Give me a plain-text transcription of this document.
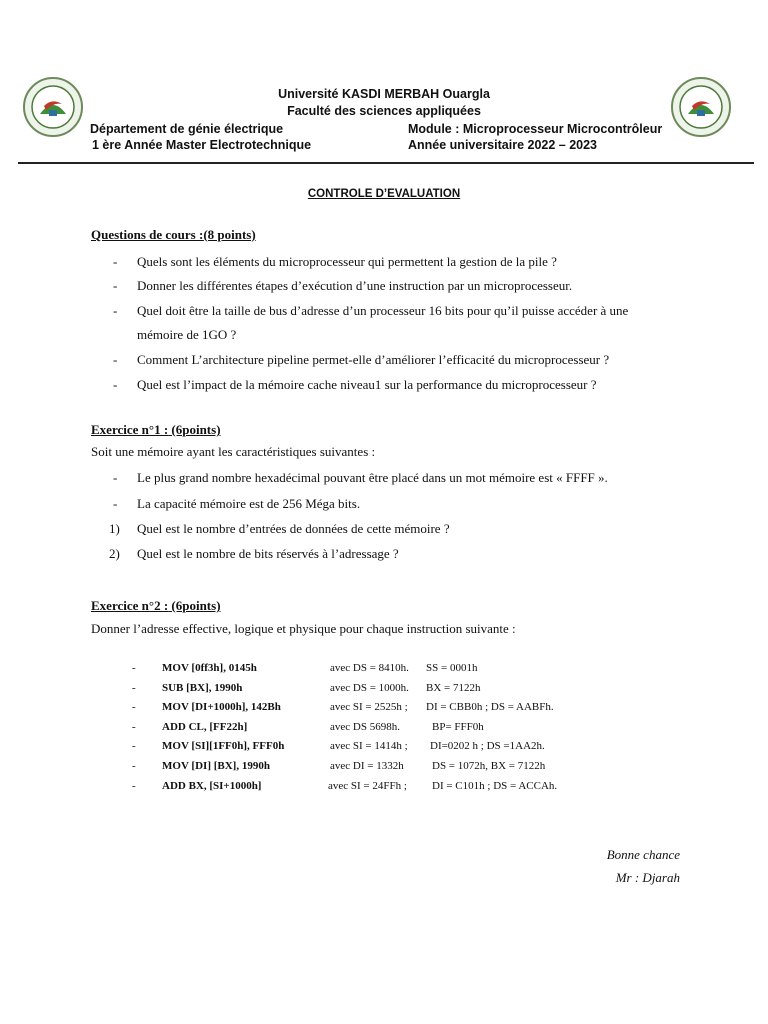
Université KASDI MERBAH Ouargla
Faculté des sciences appliquées
Département de génie électrique	Module : Microprocesseur Microcontrôleur
1 ère Année Master Electrotechnique	Année universitaire 2022 – 2023
CONTROLE D’EVALUATION
Questions de cours :(8 points)
- Quels sont les éléments du microprocesseur qui permettent la gestion de la pile ?
- Donner les différentes étapes d’exécution d’une instruction par un microprocesseur.
- Quel doit être la taille de bus d’adresse d’un processeur 16 bits pour qu’il puisse accéder à une
mémoire de 1GO ?
- Comment L’architecture pipeline permet-elle d’améliorer l’efficacité du microprocesseur ?
- Quel est l’impact de la mémoire cache niveau1 sur la performance du microprocesseur ?
Exercice n°1 : (6points)
Soit une mémoire ayant les caractéristiques suivantes :
- Le plus grand nombre hexadécimal pouvant être placé dans un mot mémoire est « FFFF ».
- La capacité mémoire est de 256 Méga bits.
1) Quel est le nombre d’entrées de données de cette mémoire ?
2) Quel est le nombre de bits réservés à l’adressage ?
Exercice n°2 : (6points)
Donner l’adresse effective, logique et physique pour chaque instruction suivante :
- MOV [0ff3h], 0145h	avec DS = 8410h. SS = 0001h
- SUB [BX], 1990h	avec DS = 1000h. BX = 7122h
- MOV [DI+1000h], 142Bh	avec SI = 2525h ; DI = CBB0h ; DS = AABFh.
- ADD CL, [FF22h]	avec DS 5698h.	BP= FFF0h
- MOV [SI][1FF0h], FFF0h	avec SI = 1414h ; DI=0202 h ; DS =1AA2h.
- MOV [DI] [BX], 1990h	avec DI = 1332h	DS = 1072h, BX = 7122h
- ADD BX, [SI+1000h]	avec SI = 24FFh ; DI = C101h ; DS = ACCAh.
Bonne chance
Mr : Djarah
